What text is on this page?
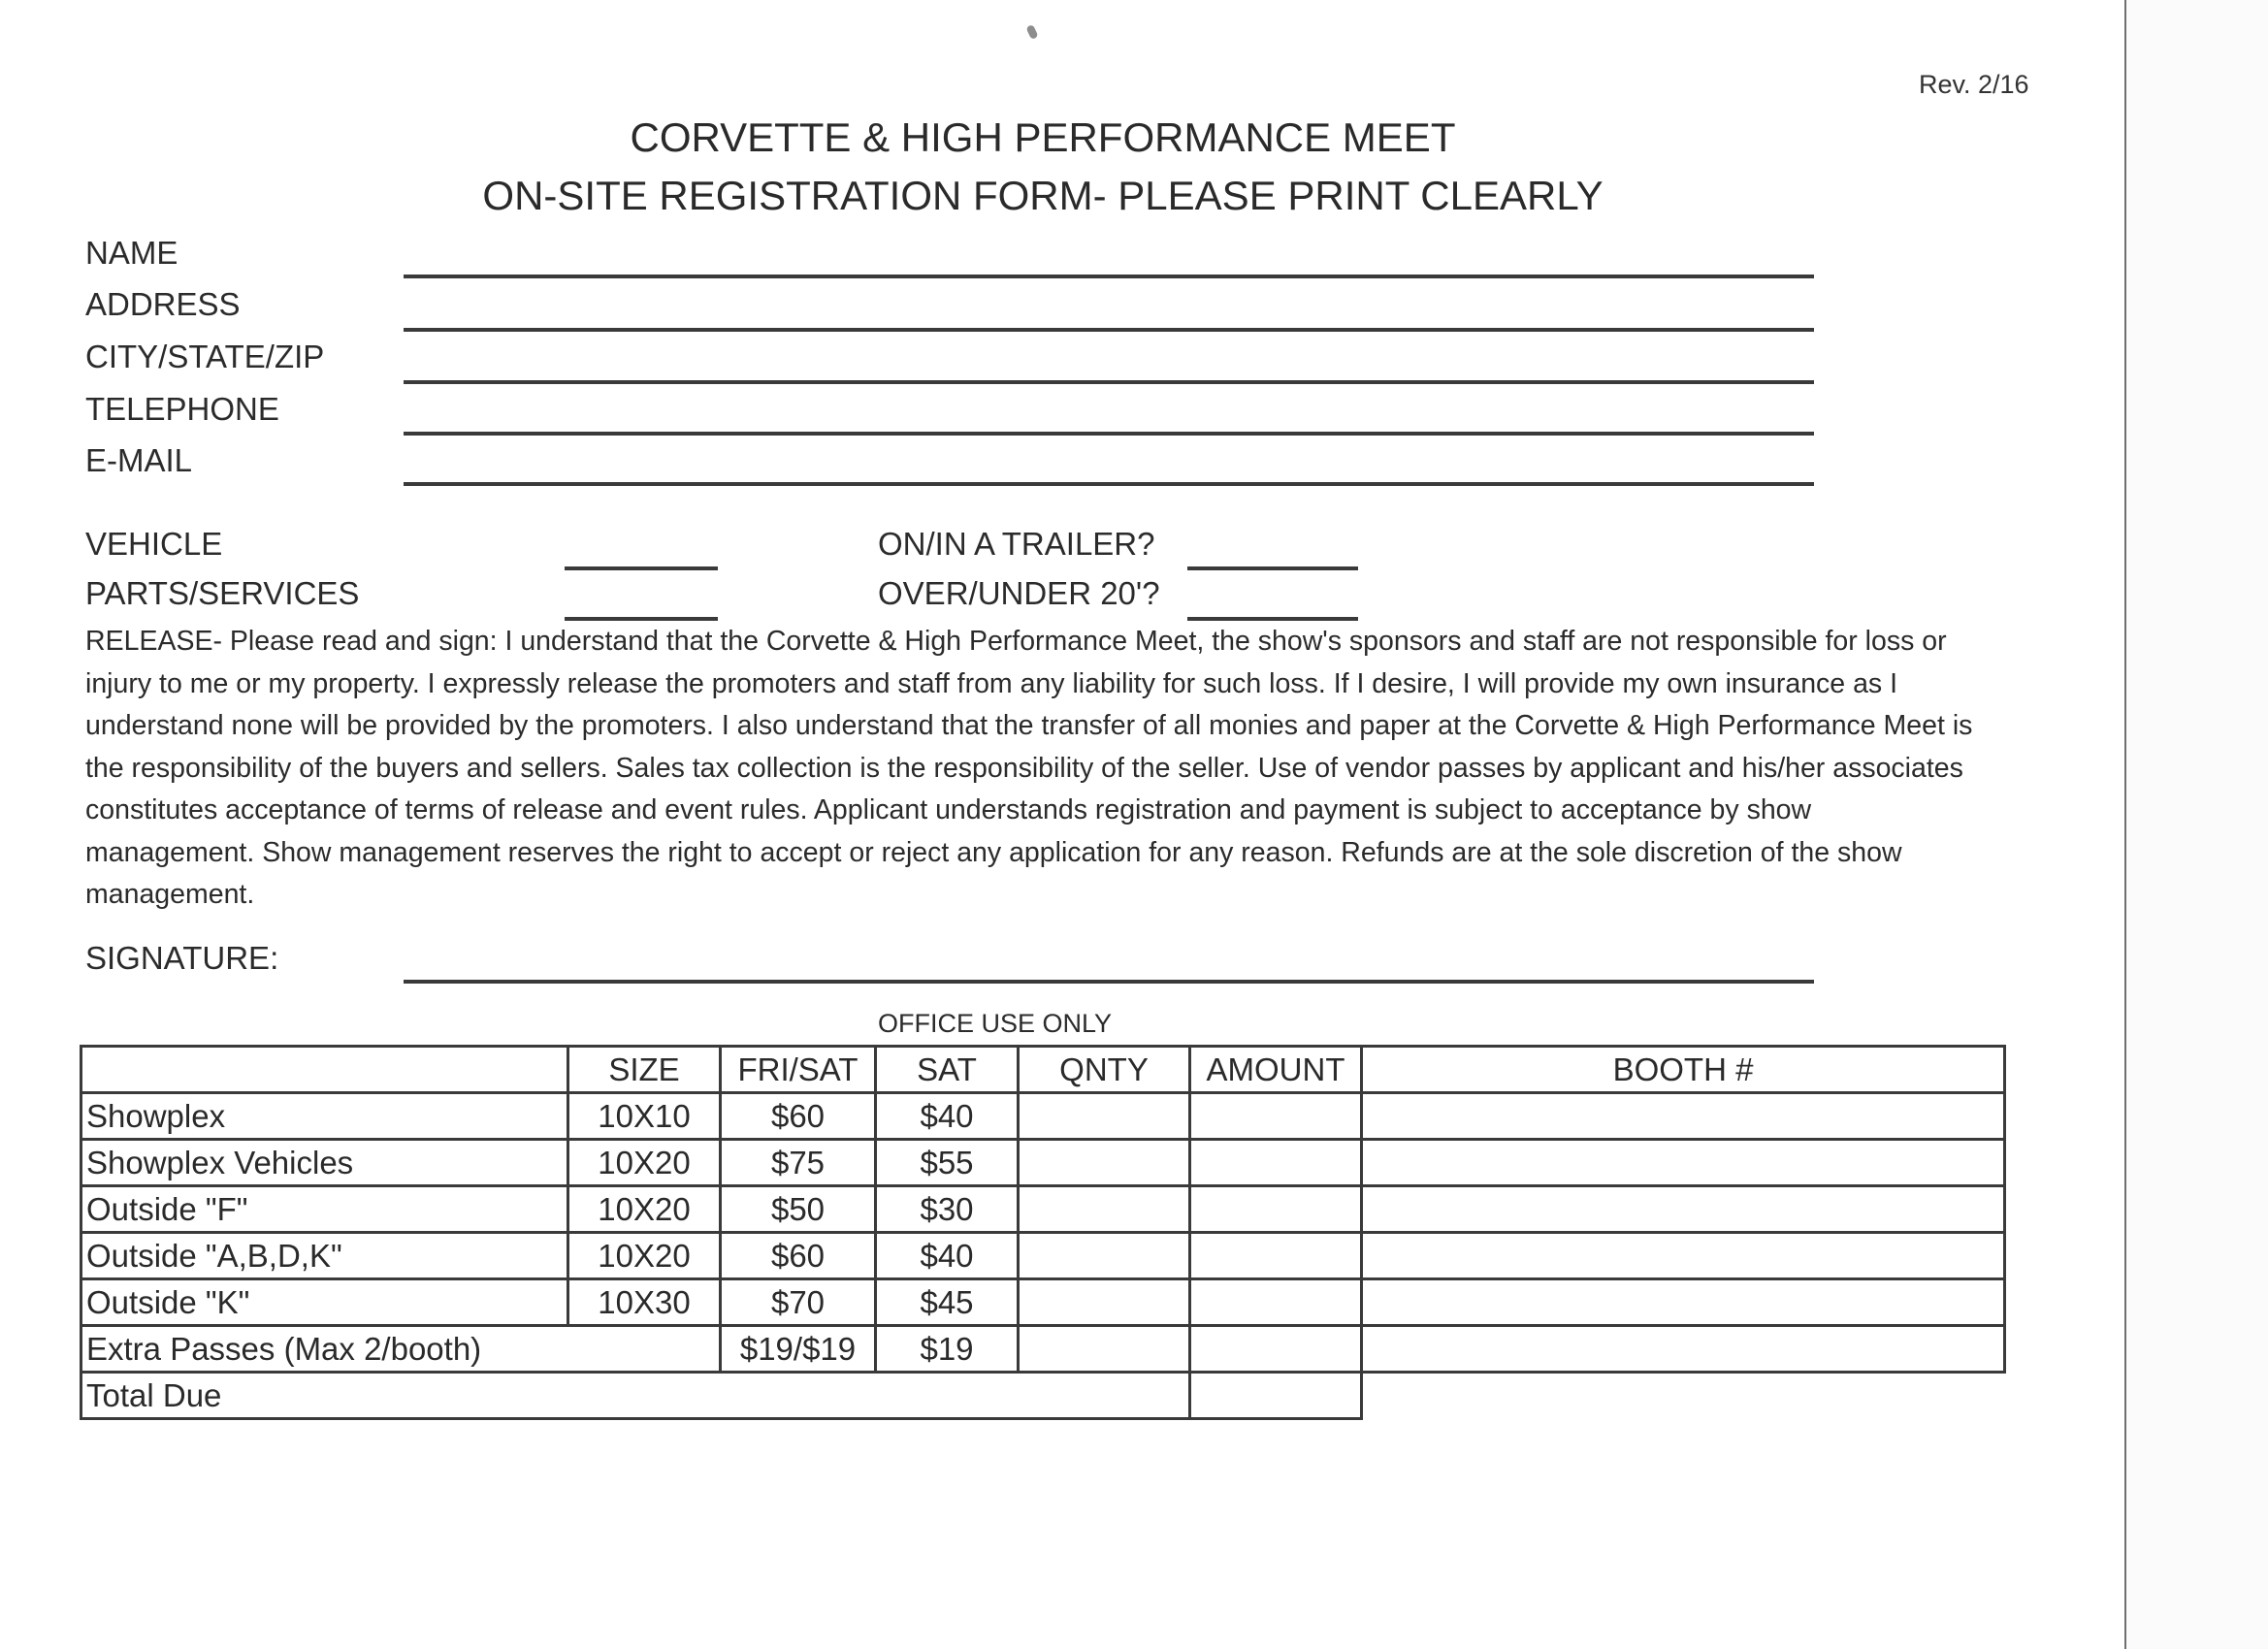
Rev. 2/16
CORVETTE & HIGH PERFORMANCE MEET
ON-SITE REGISTRATION FORM- PLEASE PRINT CLEARLY
NAME
ADDRESS
CITY/STATE/ZIP
TELEPHONE
E-MAIL
VEHICLE
PARTS/SERVICES
ON/IN A TRAILER?
OVER/UNDER 20'?
RELEASE- Please read and sign: I understand that the Corvette & High Performance Meet, the show's sponsors and staff are not responsible for loss or injury to me or my property. I expressly release the promoters and staff from any liability for such loss. If I desire, I will provide my own insurance as I understand none will be provided by the promoters. I also understand that the transfer of all monies and paper at the Corvette & High Performance Meet is the responsibility of the buyers and sellers. Sales tax collection is the responsibility of the seller. Use of vendor passes by applicant and his/her associates constitutes acceptance of terms of release and event rules. Applicant understands registration and payment is subject to acceptance by show management. Show management reserves the right to accept or reject any application for any reason. Refunds are at the sole discretion of the show management.
SIGNATURE:
OFFICE USE ONLY
	SIZE	FRI/SAT	SAT	QNTY	AMOUNT	BOOTH #
Showplex	10X10	$60	$40			
Showplex Vehicles	10X20	$75	$55			
Outside "F"	10X20	$50	$30			
Outside "A,B,D,K"	10X20	$60	$40			
Outside "K"	10X30	$70	$45			
Extra Passes (Max 2/booth)		$19/$19	$19			
Total Due						
